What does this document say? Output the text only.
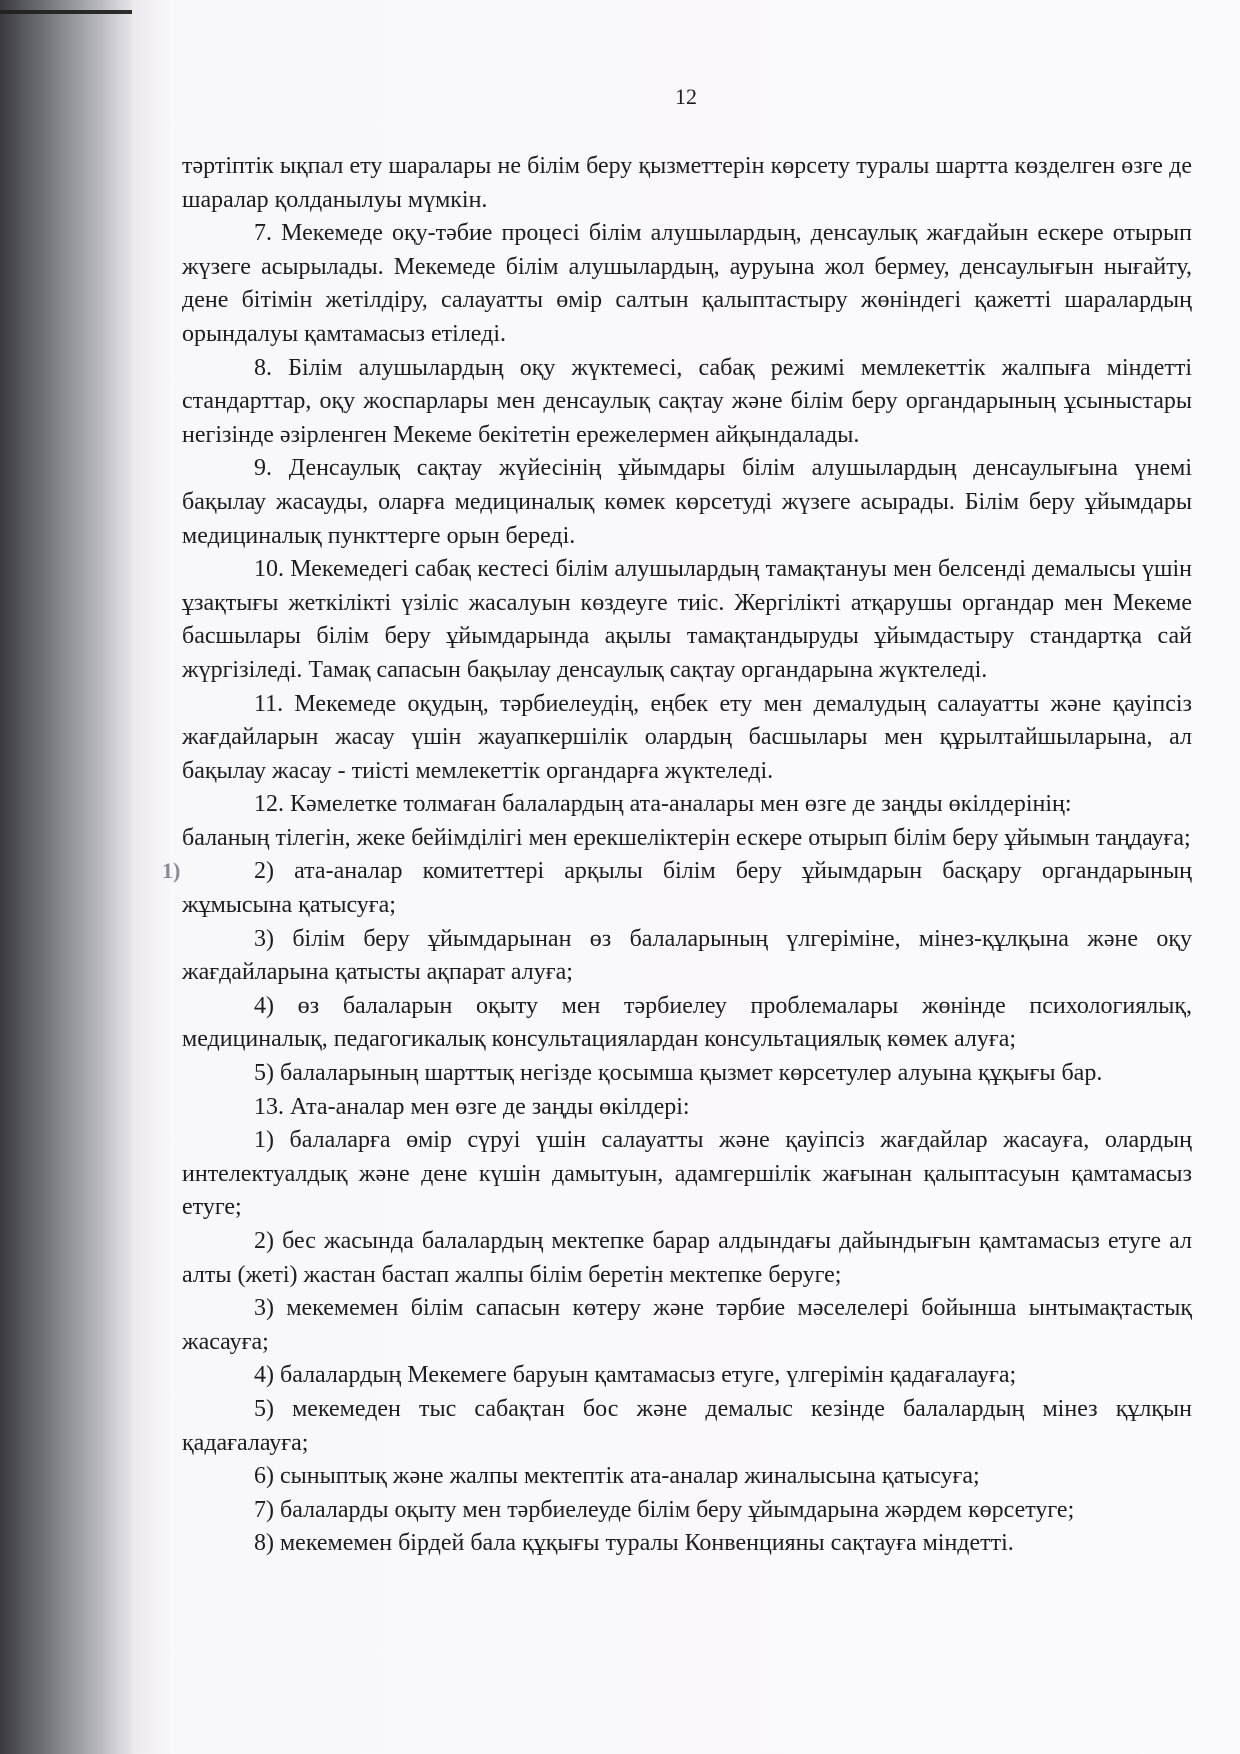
12

тәртіптік ықпал ету шаралары не білім беру қызметтерін көрсету туралы шартта көзделген өзге де шаралар қолданылуы мүмкін.

7. Мекемеде оқу-тәбие процесі білім алушылардың, денсаулық жағдайын ескере отырып жүзеге асырылады. Мекемеде білім алушылардың, ауруына жол бермеу, денсаулығын нығайту, дене бітімін жетілдіру, салауатты өмір салтын қалыптастыру жөніндегі қажетті шаралардың орындалуы қамтамасыз етіледі.

8. Білім алушылардың оқу жүктемесі, сабақ режимі мемлекеттік жалпыға міндетті стандарттар, оқу жоспарлары мен денсаулық сақтау және білім беру органдарының ұсыныстары негізінде әзірленген Мекеме бекітетін ережелермен айқындалады.

9. Денсаулық сақтау жүйесінің ұйымдары білім алушылардың денсаулығына үнемі бақылау жасауды, оларға медициналық көмек көрсетуді жүзеге асырады. Білім беру ұйымдары медициналық пункттерге орын береді.

10. Мекемедегі сабақ кестесі білім алушылардың тамақтануы мен белсенді демалысы үшін ұзақтығы жеткілікті үзіліс жасалуын көздеуге тиіс. Жергілікті атқарушы органдар мен Мекеме басшылары білім беру ұйымдарында ақылы тамақтандыруды ұйымдастыру стандартқа сай жүргізіледі. Тамақ сапасын бақылау денсаулық сақтау органдарына жүктеледі.

11. Мекемеде оқудың, тәрбиелеудің, еңбек ету мен демалудың салауатты және қауіпсіз жағдайларын жасау үшін жауапкершілік олардың басшылары мен құрылтайшыларына, ал бақылау жасау - тиісті мемлекеттік органдарға жүктеледі.

12. Кәмелетке толмаған балалардың ата-аналары мен өзге де заңды өкілдерінің:

баланың тілегін, жеке бейімділігі мен ерекшеліктерін ескере отырып білім беру ұйымын таңдауға;

2) ата-аналар комитеттері арқылы білім беру ұйымдарын басқару органдарының жұмысына қатысуға;

3) білім беру ұйымдарынан өз балаларының үлгеріміне, мінез-құлқына және оқу жағдайларына қатысты ақпарат алуға;

4) өз балаларын оқыту мен тәрбиелеу проблемалары жөнінде психологиялық, медициналық, педагогикалық консультациялардан консультациялық көмек алуға;

5) балаларының шарттық негізде қосымша қызмет көрсетулер алуына құқығы бар.

13. Ата-аналар мен өзге де заңды өкілдері:

1) балаларға өмір сүруі үшін салауатты және қауіпсіз жағдайлар жасауға, олардың интелектуалдық және дене күшін дамытуын, адамгершілік жағынан қалыптасуын қамтамасыз етуге;

2) бес жасында балалардың мектепке барар алдындағы дайындығын қамтамасыз етуге ал алты (жеті) жастан бастап жалпы білім беретін мектепке беруге;

3) мекемемен білім сапасын көтеру және тәрбие мәселелері бойынша ынтымақтастық жасауға;

4) балалардың Мекемеге баруын қамтамасыз етуге, үлгерімін қадағалауға;

5) мекемеден тыс сабақтан бос және демалыс кезінде балалардың мінез құлқын қадағалауға;

6) сыныптық және жалпы мектептік ата-аналар жиналысына қатысуға;

7) балаларды оқыту мен тәрбиелеуде білім беру ұйымдарына жәрдем көрсетуге;

8) мекемемен бірдей бала құқығы туралы Конвенцияны сақтауға міндетті.

1)
